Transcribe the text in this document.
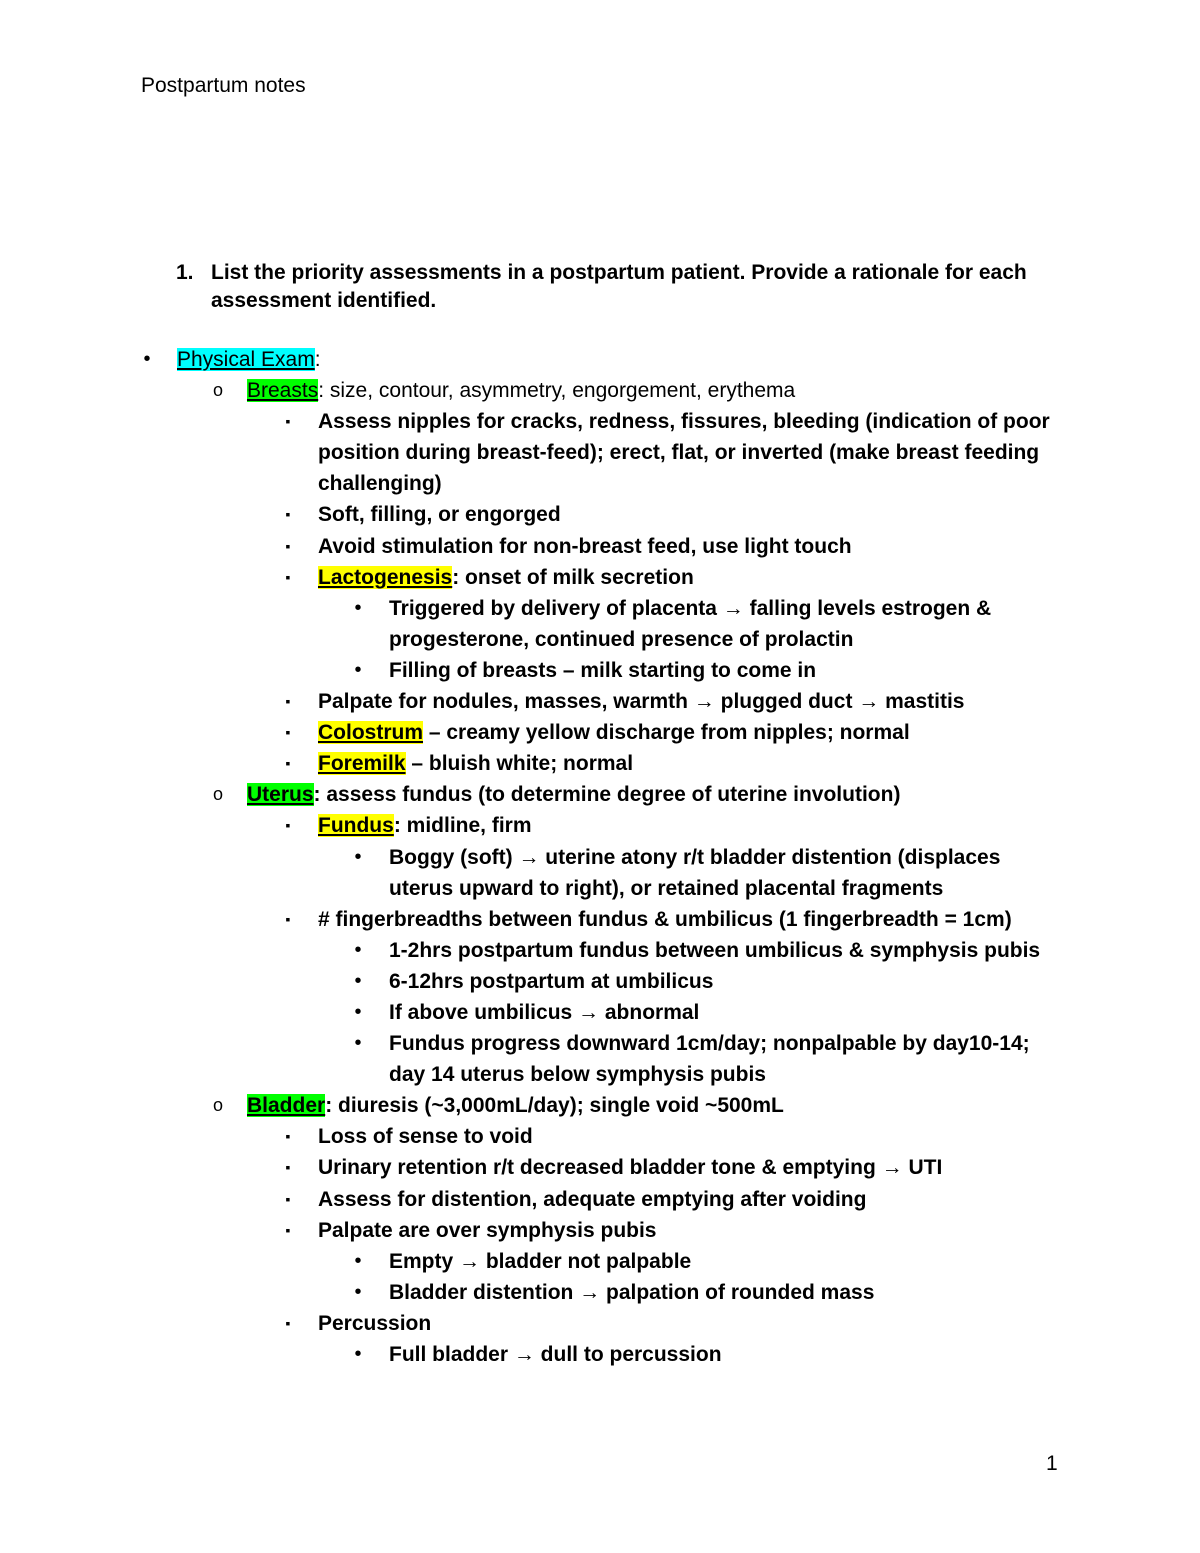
Postpartum notes
1. List the priority assessments in a postpartum patient. Provide a rationale for each assessment identified.
•	Physical Exam:
o Breasts: size, contour, asymmetry, engorgement, erythema
▪	Assess nipples for cracks, redness, fissures, bleeding (indication of poor position during breast-feed); erect, flat, or inverted (make breast feeding challenging)
▪	Soft, filling, or engorged
▪	Avoid stimulation for non-breast feed, use light touch
▪	Lactogenesis: onset of milk secretion
•	Triggered by delivery of placenta → falling levels estrogen & progesterone, continued presence of prolactin
•	Filling of breasts – milk starting to come in
▪	Palpate for nodules, masses, warmth → plugged duct → mastitis
▪	Colostrum – creamy yellow discharge from nipples; normal
▪	Foremilk – bluish white; normal
o Uterus: assess fundus (to determine degree of uterine involution)
▪	Fundus: midline, firm
•	Boggy (soft) → uterine atony r/t bladder distention (displaces uterus upward to right), or retained placental fragments
▪	# fingerbreadths between fundus & umbilicus (1 fingerbreadth = 1cm)
•	1-2hrs postpartum fundus between umbilicus & symphysis pubis
•	6-12hrs postpartum at umbilicus
•	If above umbilicus → abnormal
•	Fundus progress downward 1cm/day; nonpalpable by day10-14; day 14 uterus below symphysis pubis
o Bladder: diuresis (~3,000mL/day); single void ~500mL
▪	Loss of sense to void
▪	Urinary retention r/t decreased bladder tone & emptying → UTI
▪	Assess for distention, adequate emptying after voiding
▪	Palpate are over symphysis pubis
•	Empty → bladder not palpable
•	Bladder distention → palpation of rounded mass
▪	Percussion
•	Full bladder → dull to percussion
1
